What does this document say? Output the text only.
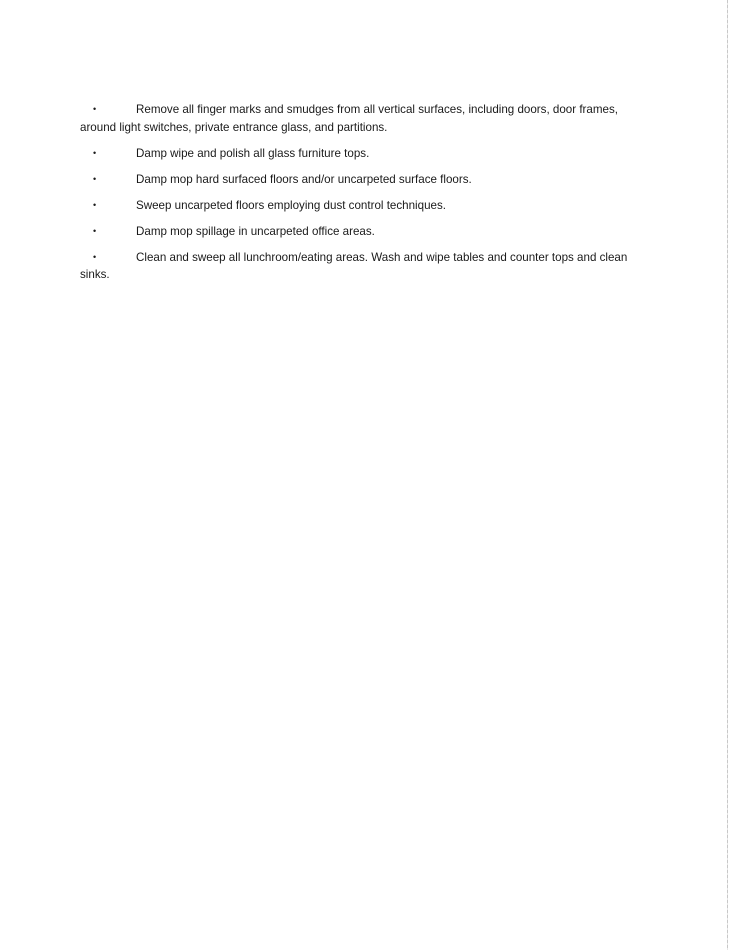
•	Remove all finger marks and smudges from all vertical surfaces, including doors, door frames, around light switches, private entrance glass, and partitions.
•	Damp wipe and polish all glass furniture tops.
•	Damp mop hard surfaced floors and/or uncarpeted surface floors.
•	Sweep uncarpeted floors employing dust control techniques.
•	Damp mop spillage in uncarpeted office areas.
•	Clean and sweep all lunchroom/eating areas. Wash and wipe tables and counter tops and clean sinks.
